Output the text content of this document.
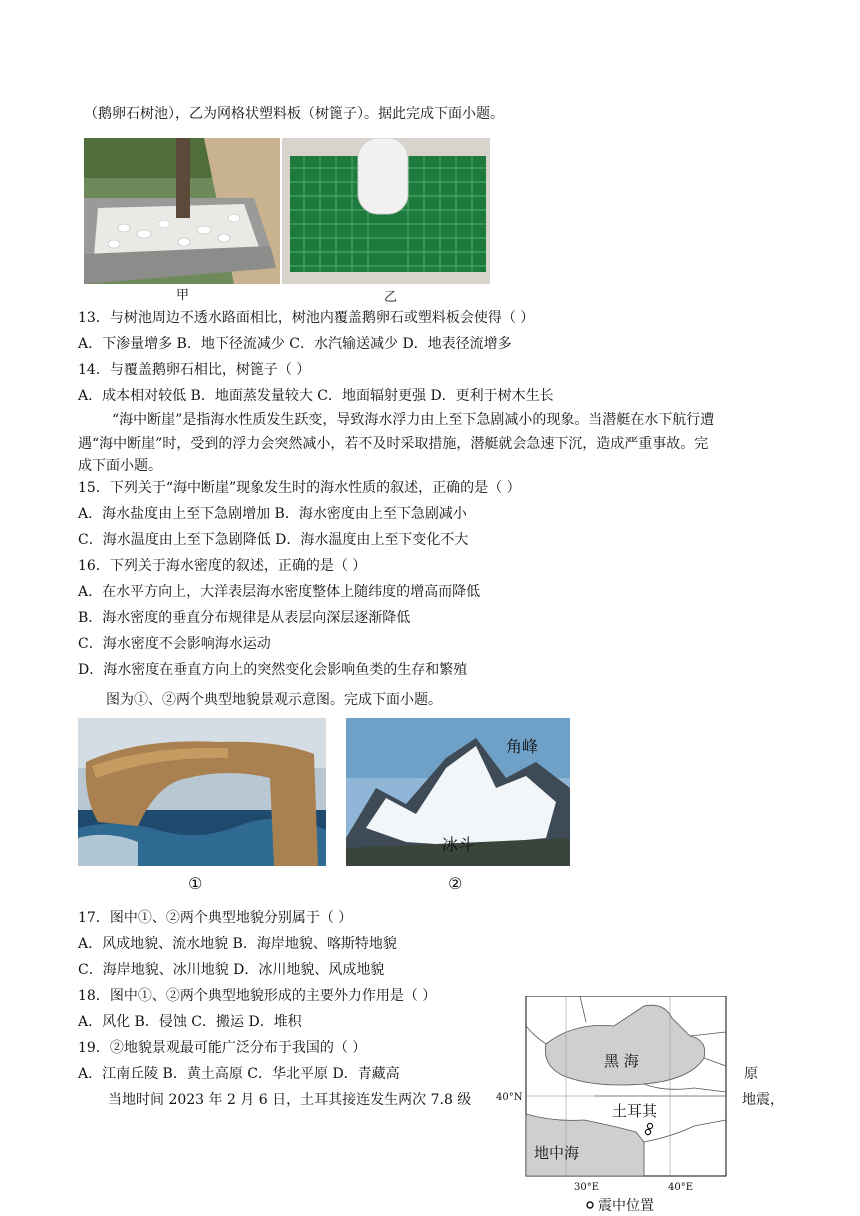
（鹅卵石树池），乙为网格状塑料板（树篦子）。据此完成下面小题。
甲	乙
13．与树池周边不透水路面相比，树池内覆盖鹅卵石或塑料板会使得（ ）
A．下渗量增多 B．地下径流减少 C．水汽输送减少 D．地表径流增多
14．与覆盖鹅卵石相比，树篦子（ ）
A．成本相对较低 B．地面蒸发量较大 C．地面辐射更强 D．更利于树木生长
“海中断崖”是指海水性质发生跃变，导致海水浮力由上至下急剧减小的现象。当潜艇在水下航行遭
遇“海中断崖”时，受到的浮力会突然减小，若不及时采取措施，潜艇就会急速下沉，造成严重事故。完
成下面小题。
15．下列关于“海中断崖”现象发生时的海水性质的叙述，正确的是（ ）
A．海水盐度由上至下急剧增加 B．海水密度由上至下急剧减小
C．海水温度由上至下急剧降低 D．海水温度由上至下变化不大
16．下列关于海水密度的叙述，正确的是（ ）
A．在水平方向上，大洋表层海水密度整体上随纬度的增高而降低
B．海水密度的垂直分布规律是从表层向深层逐渐降低
C．海水密度不会影响海水运动
D．海水密度在垂直方向上的突然变化会影响鱼类的生存和繁殖
图为①、②两个典型地貌景观示意图。完成下面小题。
角峰
冰斗
①	②
17．图中①、②两个典型地貌分别属于（ ）
A．风成地貌、流水地貌 B．海岸地貌、喀斯特地貌
C．海岸地貌、冰川地貌 D．冰川地貌、风成地貌
18．图中①、②两个典型地貌形成的主要外力作用是（ ）
A．风化 B．侵蚀 C．搬运 D．堆积
19．②地貌景观最可能广泛分布于我国的（ ）
A．江南丘陵 B．黄土高原 C．华北平原 D．青藏高	原
当地时间 2023 年 2 月 6 日，土耳其接连发生两次 7.8 级	地震，
黑 海
土耳其
地中海
40°N
30°E	40°E
震中位置
